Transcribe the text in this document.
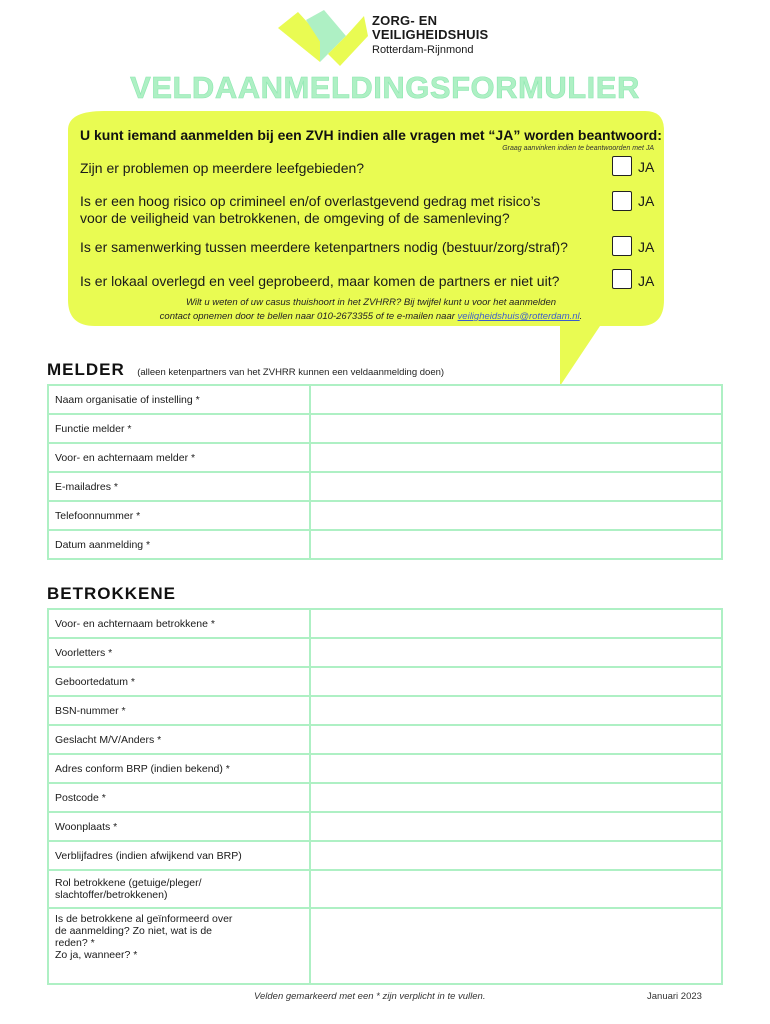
ZORG- EN
VEILIGHEIDSHUIS
Rotterdam-Rijnmond
VELDAANMELDINGSFORMULIER
U kunt iemand aanmelden bij een ZVH indien alle vragen met “JA” worden beantwoord:
Graag aanvinken indien te beantwoorden met JA
Zijn er problemen op meerdere leefgebieden?	JA
Is er een hoog risico op crimineel en/of overlastgevend gedrag met risico’s
voor de veiligheid van betrokkenen, de omgeving of de samenleving?
JA
Is er samenwerking tussen meerdere ketenpartners nodig (bestuur/zorg/straf)?	JA
Is er lokaal overlegd en veel geprobeerd, maar komen de partners er niet uit?	JA
Wilt u weten of uw casus thuishoort in het ZVHRR? Bij twijfel kunt u voor het aanmelden
contact opnemen door te bellen naar 010-2673355 of te e-mailen naar veiligheidshuis@rotterdam.nl.
MELDER (alleen ketenpartners van het ZVHRR kunnen een veldaanmelding doen)
Naam organisatie of instelling *	
Functie melder *	
Voor- en achternaam melder *	
E-mailadres *	
Telefoonnummer *	
Datum aanmelding *	
BETROKKENE
Voor- en achternaam betrokkene *	
Voorletters *	
Geboortedatum *	
BSN-nummer *	
Geslacht M/V/Anders *	
Adres conform BRP (indien bekend) *	
Postcode *	
Woonplaats *	
Verblijfadres (indien afwijkend van BRP)	

Rol betrokkene (getuige/pleger/
slachtoffer/betrokkenen)	

Is de betrokkene al geïnformeerd over
de aanmelding? Zo niet, wat is de
reden? *
Zo ja, wanneer? *	

Velden gemarkeerd met een * zijn verplicht in te vullen.	Januari 2023
